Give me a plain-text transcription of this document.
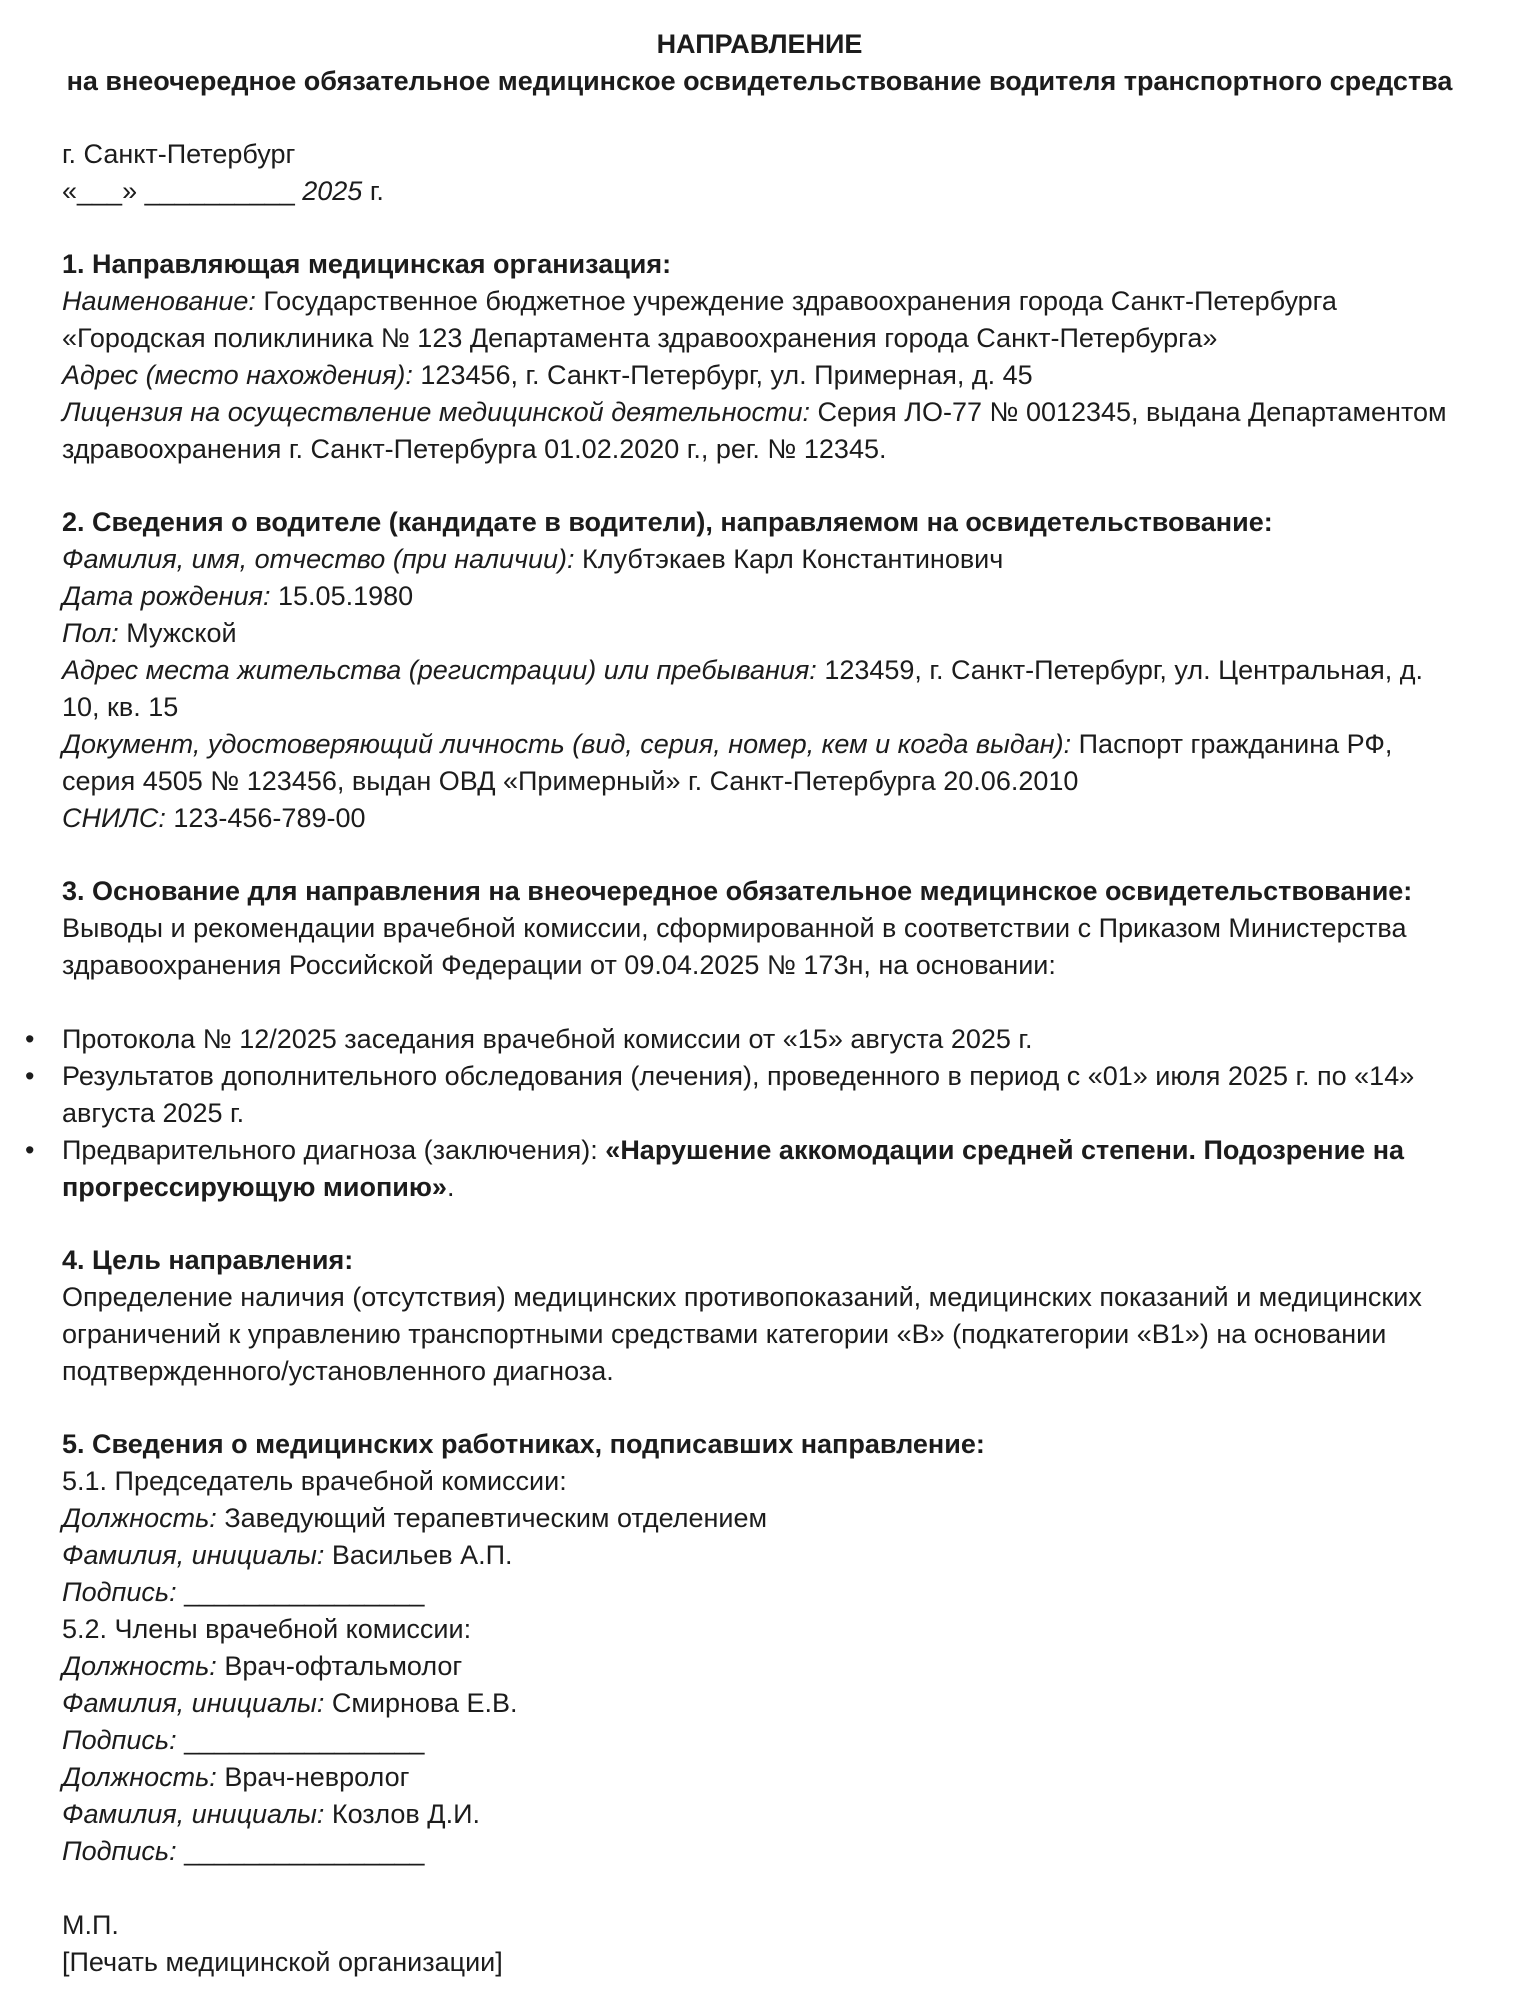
НАПРАВЛЕНИЕ
на внеочередное обязательное медицинское освидетельствование водителя транспортного средства

г. Санкт-Петербург

«___» __________ 2025 г.

1. Направляющая медицинская организация:

Наименование: Государственное бюджетное учреждение здравоохранения города Санкт-Петербурга «Городская поликлиника № 123 Департамента здравоохранения города Санкт-Петербурга»

Адрес (место нахождения): 123456, г. Санкт-Петербург, ул. Примерная, д. 45

Лицензия на осуществление медицинской деятельности: Серия ЛО-77 № 0012345, выдана Департаментом здравоохранения г. Санкт-Петербурга 01.02.2020 г., рег. № 12345.

2. Сведения о водителе (кандидате в водители), направляемом на освидетельствование:

Фамилия, имя, отчество (при наличии): Клубтэкаев Карл Константинович

Дата рождения: 15.05.1980

Пол: Мужской

Адрес места жительства (регистрации) или пребывания: 123459, г. Санкт-Петербург, ул. Центральная, д. 10, кв. 15

Документ, удостоверяющий личность (вид, серия, номер, кем и когда выдан): Паспорт гражданина РФ, серия 4505 № 123456, выдан ОВД «Примерный» г. Санкт-Петербурга 20.06.2010

СНИЛС: 123-456-789-00

3. Основание для направления на внеочередное обязательное медицинское освидетельствование:

Выводы и рекомендации врачебной комиссии, сформированной в соответствии с Приказом Министерства здравоохранения Российской Федерации от 09.04.2025 № 173н, на основании:

• Протокола № 12/2025 заседания врачебной комиссии от «15» августа 2025 г.
• Результатов дополнительного обследования (лечения), проведенного в период с «01» июля 2025 г. по «14» августа 2025 г.
• Предварительного диагноза (заключения): «Нарушение аккомодации средней степени. Подозрение на прогрессирующую миопию».

4. Цель направления:

Определение наличия (отсутствия) медицинских противопоказаний, медицинских показаний и медицинских ограничений к управлению транспортными средствами категории «В» (подкатегории «В1») на основании подтвержденного/установленного диагноза.

5. Сведения о медицинских работниках, подписавших направление:

5.1. Председатель врачебной комиссии:

Должность: Заведующий терапевтическим отделением

Фамилия, инициалы: Васильев А.П.

Подпись: ________________

5.2. Члены врачебной комиссии:

Должность: Врач-офтальмолог

Фамилия, инициалы: Смирнова Е.В.

Подпись: ________________

Должность: Врач-невролог

Фамилия, инициалы: Козлов Д.И.

Подпись: ________________

М.П.

[Печать медицинской организации]
